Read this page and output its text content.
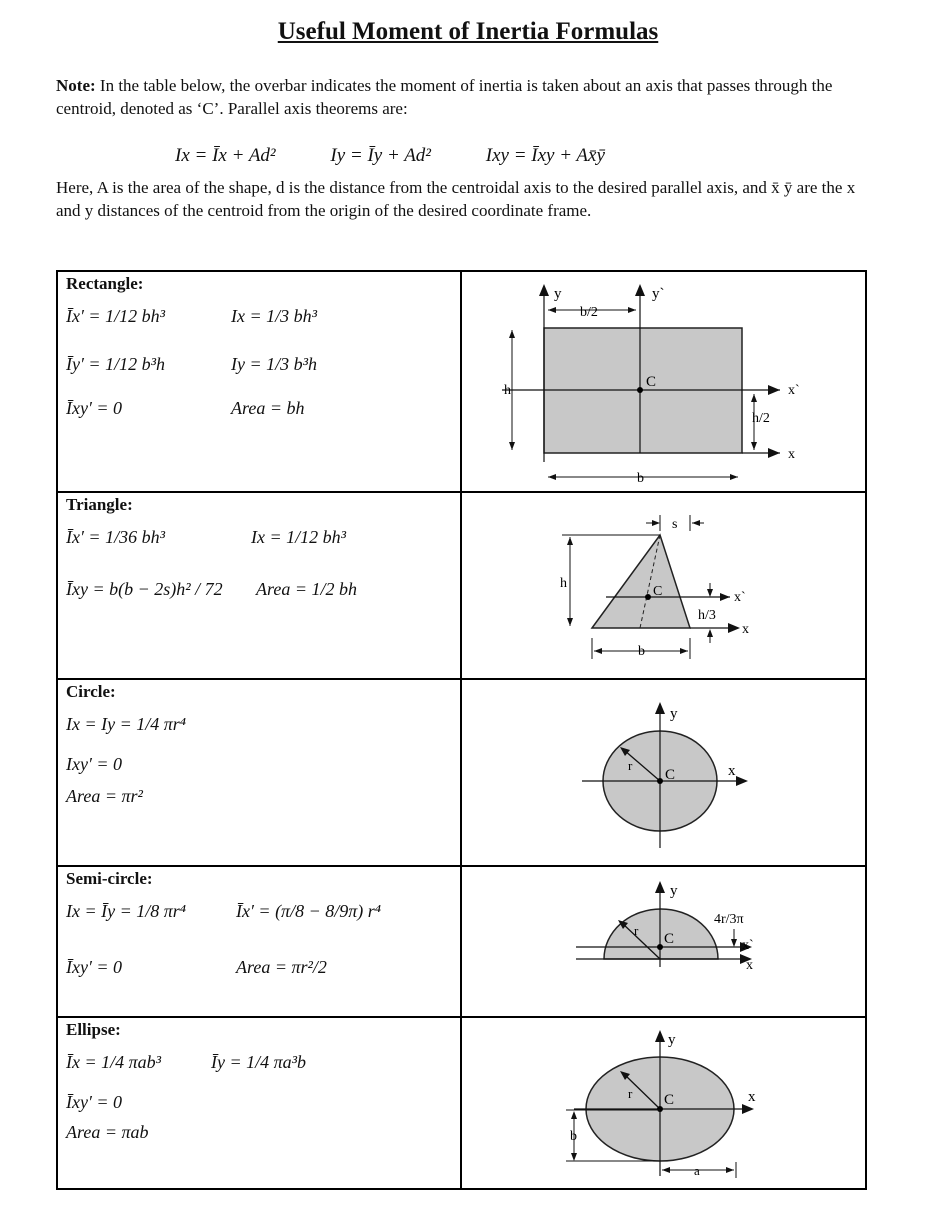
Useful Moment of Inertia Formulas
Note: In the table below, the overbar indicates the moment of inertia is taken about an axis that passes through the centroid, denoted as ‘C’. Parallel axis theorems are:
Ix = Īx + Ad²	Iy = Īy + Ad²	Ixy = Īxy + Ax̄ȳ
Here, A is the area of the shape, d is the distance from the centroidal axis to the desired parallel axis, and x̄ ȳ are the x and y distances of the centroid from the origin of the desired coordinate frame.
Rectangle:
Īx′ = 1/12 bh³	Ix = 1/3 bh³
Īy′ = 1/12 b³h	Iy = 1/3 b³h
Īxy′ = 0	Area = bh
y	y`
b/2
h
C
x`
h/2
x
b
Triangle:
Īx′ = 1/36 bh³	Ix = 1/12 bh³
Īxy = b(b − 2s)h² / 72 Area = 1/2 bh
s
h
C	x`
h/3
x
b
Circle:
Ix = Iy = 1/4 πr⁴
Ixy′ = 0
Area = πr²
y
r
C	x
Semi-circle:
Ix = Īy = 1/8 πr⁴	Īx′ = (π/8 − 8/9π) r⁴
Īxy′ = 0	Area = πr²/2
y
4r/3π
r
C	x`
x
Ellipse:
Īx = 1/4 πab³	Īy = 1/4 πa³b
Īxy′ = 0
Area = πab
y
r C	x
b
a
